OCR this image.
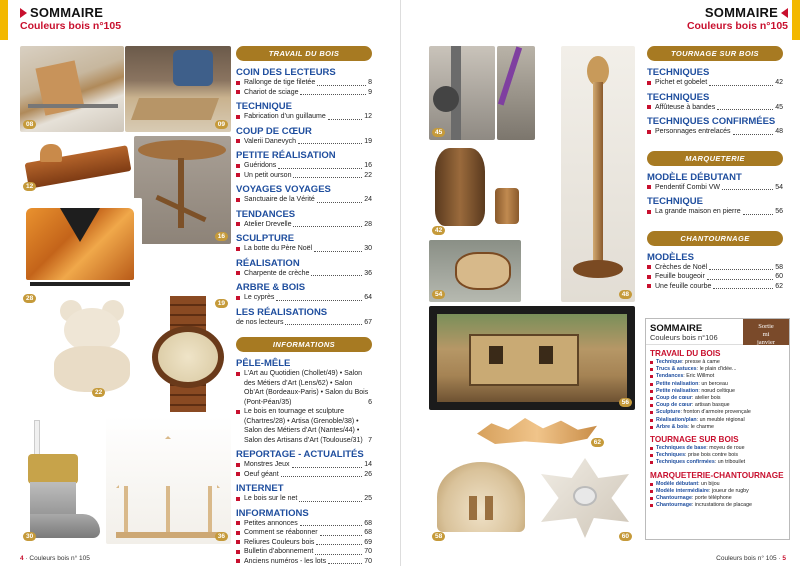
SOMMAIRE
Couleurs bois n°105
08	09
12
16
28
19
22
30	36
TRAVAIL DU BOIS
COIN DES LECTEURS
Rallonge de tige filetée	8
Chariot de sciage	9
TECHNIQUE
Fabrication d’un guillaume	12
COUP DE CŒUR
Valerii Danevych	19
PETITE RÉALISATION
Guéridons	16
Un petit ourson	22
VOYAGES VOYAGES
Sanctuaire de la Vérité	24
TENDANCES
Atelier Drevelle	28
SCULPTURE
La botte du Père Noël	30
RÉALISATION
Charpente de crèche	36
ARBRE & BOIS
Le cyprès	64
LES RÉALISATIONS
de nos lecteurs	67
INFORMATIONS
PÊLE-MÊLE
L’Art au Quotidien (Chollet/49) • Salon des Métiers d’Art (Lens/62) • Salon Ob’Art (Bordeaux-Paris) • Salon du Bois (Pont-Péan/35)	6
Le bois en tournage et sculpture (Chartres/28) • Artisa (Grenoble/38) • Salon des Métiers d’Art (Nantes/44) • Salon des Artisans d’Art (Toulouse/31) 7
REPORTAGE - ACTUALITÉS
Monstres Jeux	14
Oeuf géant	26
INTERNET
Le bois sur le net	25
INFORMATIONS
Petites annonces	68
Comment se réabonner	68
Reliures Couleurs bois	69
Bulletin d’abonnement	70
Anciens numéros - les lots	70
4 · Couleurs bois n° 105
SOMMAIRE
Couleurs bois n°105
45
42
54	48
56
62
58	60
TOURNAGE SUR BOIS
TECHNIQUES
Pichet et gobelet	42
TECHNIQUES
Affûteuse à bandes	45
TECHNIQUES CONFIRMÉES
Personnages entrelacés	48
MARQUETERIE
MODÈLE DÉBUTANT
Pendentif Combi VW	54
TECHNIQUE
La grande maison en pierre	56
CHANTOURNAGE
MODÈLES
Crèches de Noël	58
Feuille bougeoir	60
Une feuille courbe	62
Couleurs bois n° 105 · 5
SOMMAIRE
Couleurs bois n°106
Sortie
mi
janvier
TRAVAIL DU BOIS
Technique: presse à came
Trucs & astuces: le plain d’idée...
Tendances: Eric Willmot
Petite réalisation: un berceau
Petite réalisation: nœud celtique
Coup de cœur: atelier bois
Coup de cœur: artisan basque
Sculpture: fronton d’armoire provençale
Réalisation/plan: un meuble régional
Arbre & bois: le charme
TOURNAGE SUR BOIS
Techniques de base: moyeu de roue
Techniques: prise bois contre bois
Techniques confirmées: un tribouilet
MARQUETERIE-CHANTOURNAGE
Modèle débutant: un bijou
Modèle intermédiaire: joueur de rugby
Chantournage: porte téléphone
Chantournage: incrustations de placage
